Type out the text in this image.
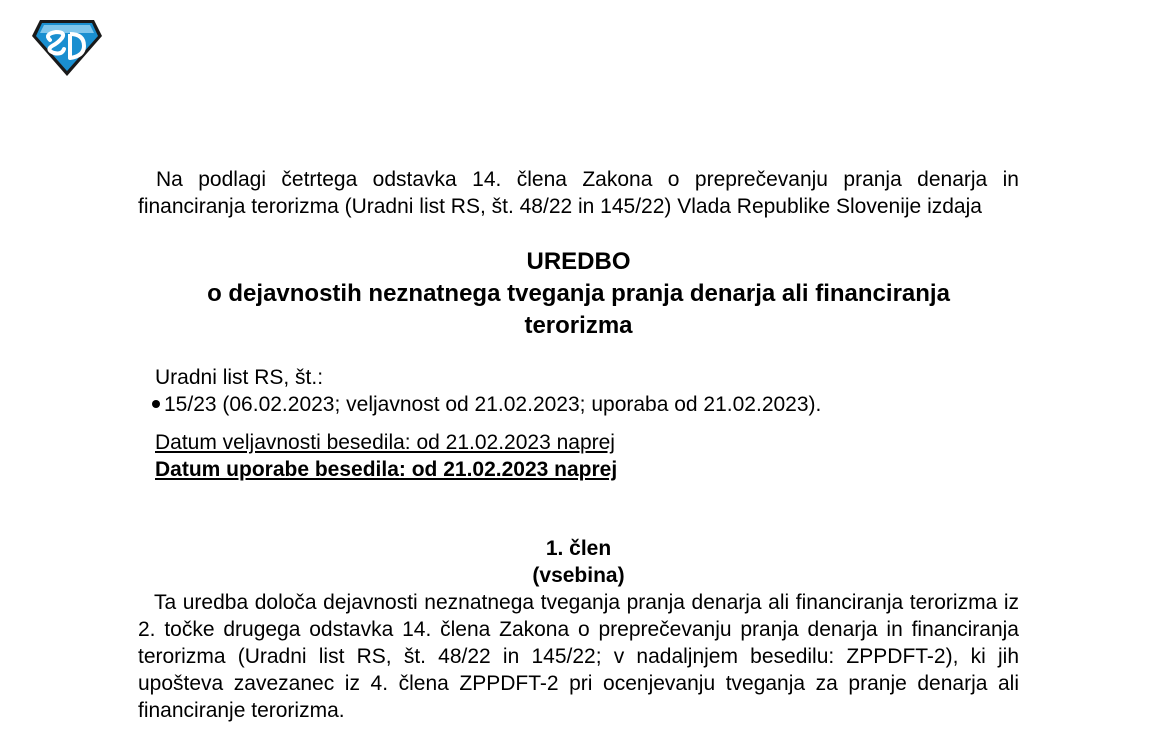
Na podlagi četrtega odstavka 14. člena Zakona o preprečevanju pranja denarja in financiranja terorizma (Uradni list RS, št. 48/22 in 145/22) Vlada Republike Slovenije izdaja

UREDBO
o dejavnostih neznatnega tveganja pranja denarja ali financiranja
terorizma
Uradni list RS, št.:
15/23 (06.02.2023; veljavnost od 21.02.2023; uporaba od 21.02.2023).
Datum veljavnosti besedila: od 21.02.2023 naprej
Datum uporabe besedila: od 21.02.2023 naprej
1. člen
(vsebina)

Ta uredba določa dejavnosti neznatnega tveganja pranja denarja ali financiranja terorizma iz 2. točke drugega odstavka 14. člena Zakona o preprečevanju pranja denarja in financiranja terorizma (Uradni list RS, št. 48/22 in 145/22; v nadaljnjem besedilu: ZPPDFT-2), ki jih upošteva zavezanec iz 4. člena ZPPDFT-2 pri ocenjevanju tveganja za pranje denarja ali financiranje terorizma.
